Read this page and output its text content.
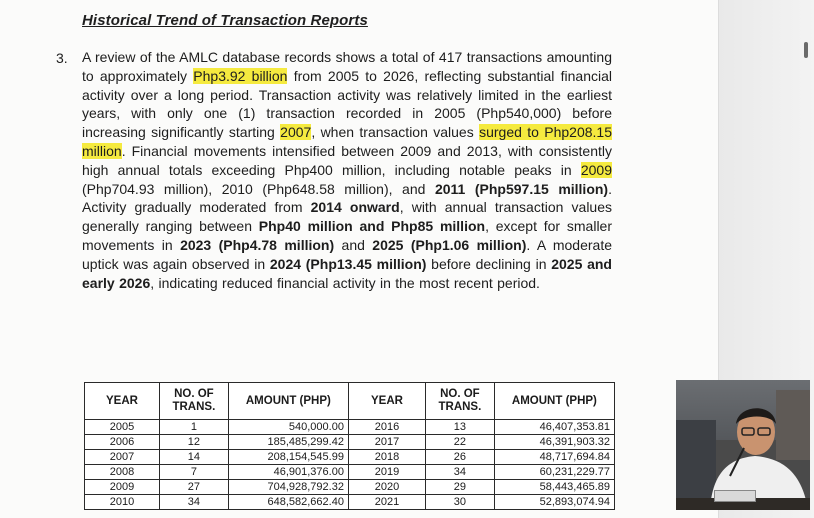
Historical Trend of Transaction Reports
3. A review of the AMLC database records shows a total of 417 transactions amounting to approximately Php3.92 billion from 2005 to 2026, reflecting substantial financial activity over a long period. Transaction activity was relatively limited in the earliest years, with only one (1) transaction recorded in 2005 (Php540,000) before increasing significantly starting 2007, when transaction values surged to Php208.15 million. Financial movements intensified between 2009 and 2013, with consistently high annual totals exceeding Php400 million, including notable peaks in 2009 (Php704.93 million), 2010 (Php648.58 million), and 2011 (Php597.15 million). Activity gradually moderated from 2014 onward, with annual transaction values generally ranging between Php40 million and Php85 million, except for smaller movements in 2023 (Php4.78 million) and 2025 (Php1.06 million). A moderate uptick was again observed in 2024 (Php13.45 million) before declining in 2025 and early 2026, indicating reduced financial activity in the most recent period.
YEAR	NO. OF TRANS.	AMOUNT (PHP)	YEAR	NO. OF TRANS.	AMOUNT (PHP)
2005	1	540,000.00	2016	13	46,407,353.81
2006	12	185,485,299.42	2017	22	46,391,903.32
2007	14	208,154,545.99	2018	26	48,717,694.84
2008	7	46,901,376.00	2019	34	60,231,229.77
2009	27	704,928,792.32	2020	29	58,443,465.89
2010	34	648,582,662.40	2021	30	52,893,074.94
